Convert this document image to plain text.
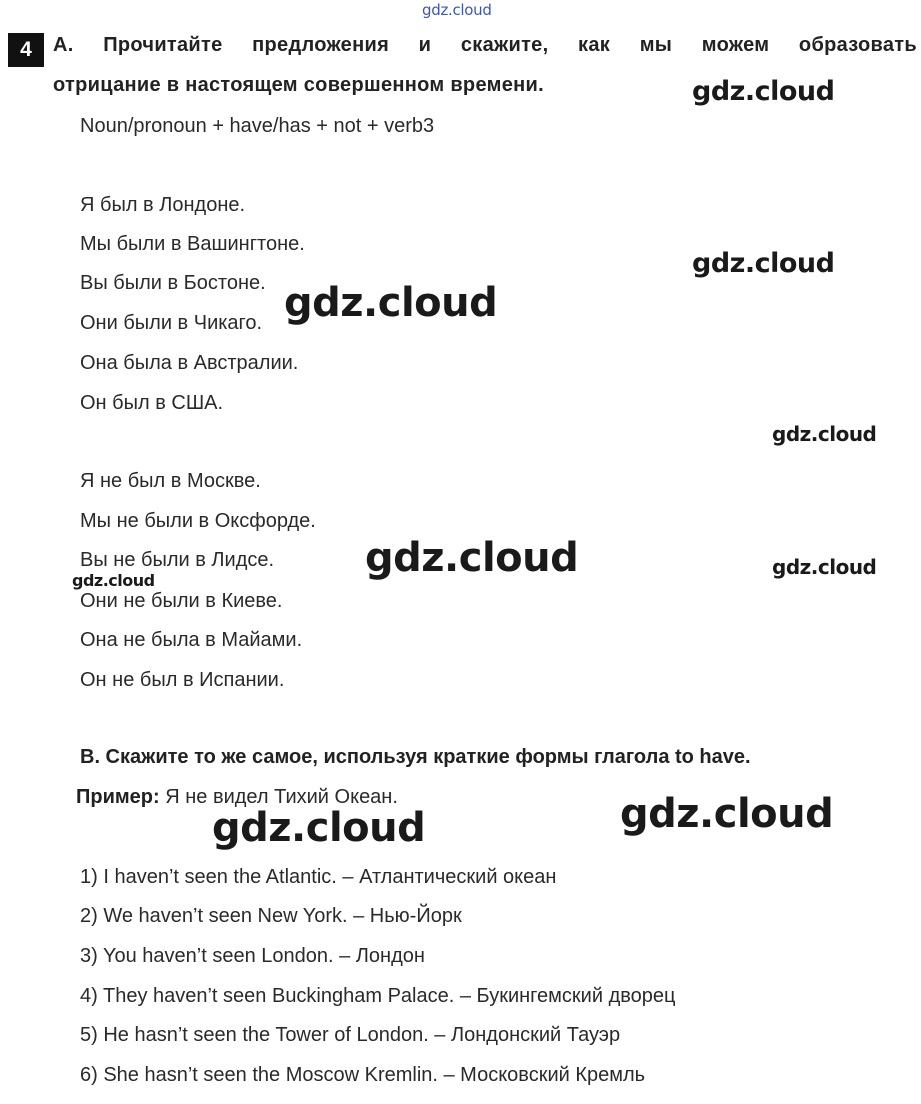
gdz.cloud
4	A. Прочитайте предложения и скажите, как мы можем образовать
отрицание в настоящем совершенном времени.
Noun/pronoun + have/has + not + verb3
Я был в Лондоне.
Мы были в Вашингтоне.
Вы были в Бостоне.
Они были в Чикаго.
Она была в Австралии.
Он был в США.
Я не был в Москве.
Мы не были в Оксфорде.
Вы не были в Лидсе.
Они не были в Киеве.
Она не была в Майами.
Он не был в Испании.
B. Скажите то же самое, используя краткие формы глагола to have.
Пример: Я не видел Тихий Океан.
1) I haven’t seen the Atlantic. – Атлантический океан
2) We haven’t seen New York. – Нью-Йорк
3) You haven’t seen London. – Лондон
4) They haven’t seen Buckingham Palace. – Букингемский дворец
5) He hasn’t seen the Tower of London. – Лондонский Тауэр
6) She hasn’t seen the Moscow Kremlin. – Московский Кремль
gdz.cloud
gdz.cloud
gdz.cloud
gdz.cloud
gdz.cloud	gdz.cloud
gdz.cloud
gdz.cloud
gdz.cloud
